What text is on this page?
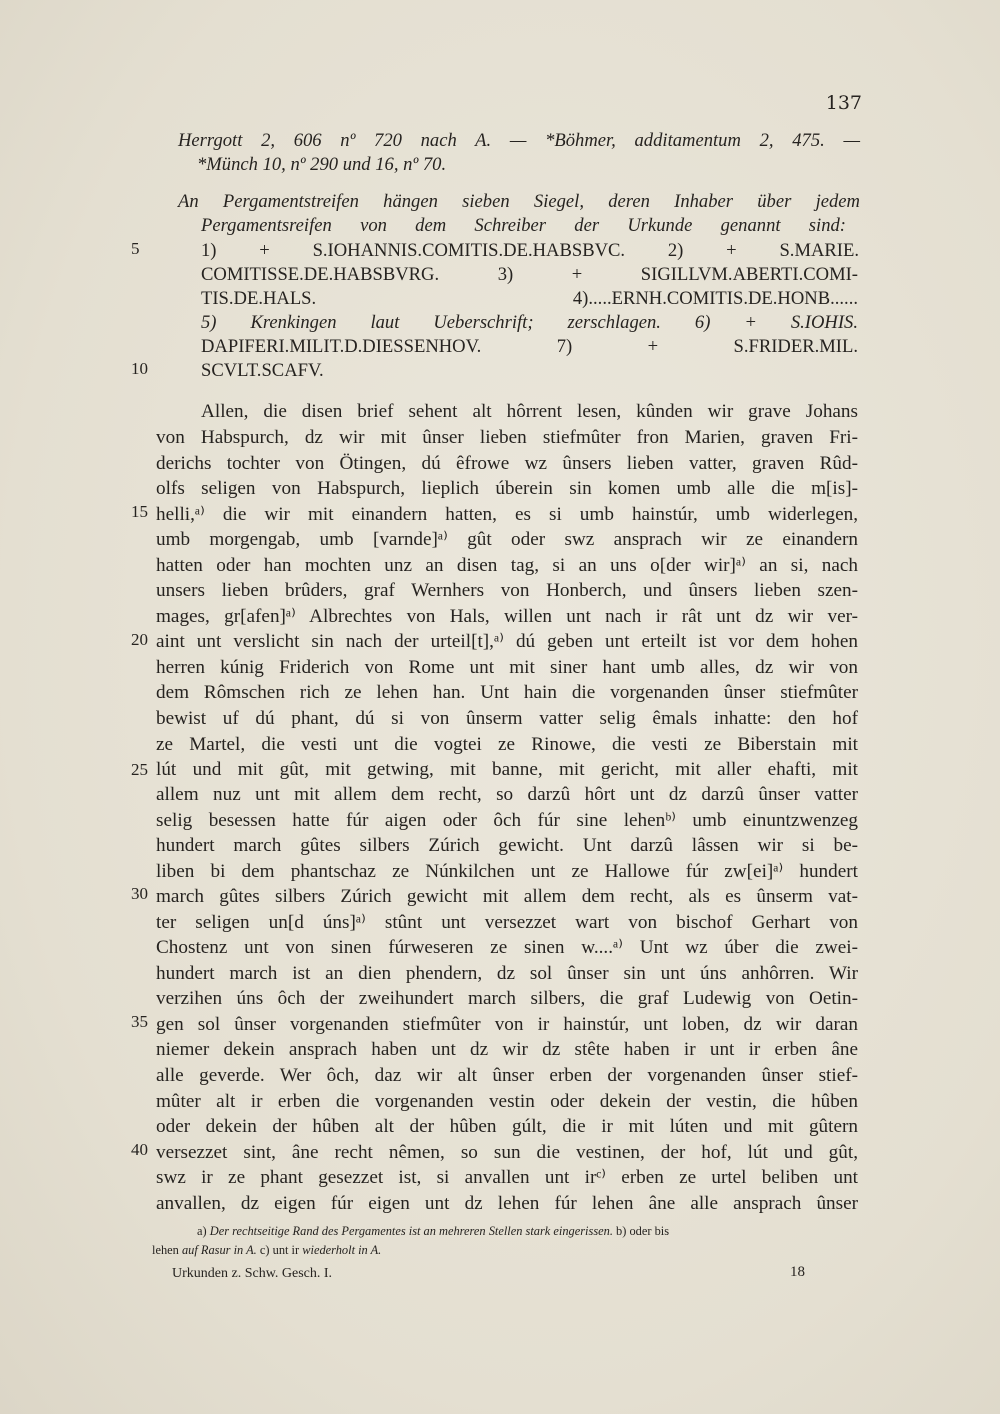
137
Herrgott 2, 606 nº 720 nach A. — *Böhmer, additamentum 2, 475. —
*Münch 10, nº 290 und 16, nº 70.
An Pergamentstreifen hängen sieben Siegel, deren Inhaber über jedem
Pergamentsreifen von dem Schreiber der Urkunde genannt sind:
1) + S.IOHANNIS.COMITIS.DE.HABSBVC. 2) + S.MARIE.
COMITISSE.DE.HABSBVRG. 3) + SIGILLVM.ABERTI.COMI-
TIS.DE.HALS. 4).....ERNH.COMITIS.DE.HONB......
5) Krenkingen laut Ueberschrift; zerschlagen. 6) + S.IOHIS.
DAPIFERI.MILIT.D.DIESSENHOV. 7) + S.FRIDER.MIL.
SCVLT.SCAFV.
5
10
15
20
25
30
35
40
Allen, die disen brief sehent alt hôrrent lesen, kûnden wir grave Johans
von Habspurch, dz wir mit ûnser lieben stiefmûter fron Marien, graven Fri-
derichs tochter von Ötingen, dú êfrowe wz ûnsers lieben vatter, graven Rûd-
olfs seligen von Habspurch, lieplich úberein sin komen umb alle die m[is]-
helli,ᵃ⁾ die wir mit einandern hatten, es si umb hainstúr, umb widerlegen,
umb morgengab, umb [varnde]ᵃ⁾ gût oder swz ansprach wir ze einandern
hatten oder han mochten unz an disen tag, si an uns o[der wir]ᵃ⁾ an si, nach
unsers lieben brûders, graf Wernhers von Honberch, und ûnsers lieben szen-
mages, gr[afen]ᵃ⁾ Albrechtes von Hals, willen unt nach ir rât unt dz wir ver-
aint unt verslicht sin nach der urteil[t],ᵃ⁾ dú geben unt erteilt ist vor dem hohen
herren kúnig Friderich von Rome unt mit siner hant umb alles, dz wir von
dem Rômschen rich ze lehen han. Unt hain die vorgenanden ûnser stiefmûter
bewist uf dú phant, dú si von ûnserm vatter selig êmals inhatte: den hof
ze Martel, die vesti unt die vogtei ze Rinowe, die vesti ze Biberstain mit
lút und mit gût, mit getwing, mit banne, mit gericht, mit aller ehafti, mit
allem nuz unt mit allem dem recht, so darzû hôrt unt dz darzû ûnser vatter
selig besessen hatte fúr aigen oder ôch fúr sine lehenᵇ⁾ umb einuntzwenzeg
hundert march gûtes silbers Zúrich gewicht. Unt darzû lâssen wir si be-
liben bi dem phantschaz ze Núnkilchen unt ze Hallowe fúr zw[ei]ᵃ⁾ hundert
march gûtes silbers Zúrich gewicht mit allem dem recht, als es ûnserm vat-
ter seligen un[d úns]ᵃ⁾ stûnt unt versezzet wart von bischof Gerhart von
Chostenz unt von sinen fúrweseren ze sinen w....ᵃ⁾ Unt wz úber die zwei-
hundert march ist an dien phendern, dz sol ûnser sin unt úns anhôrren. Wir
verzihen úns ôch der zweihundert march silbers, die graf Ludewig von Oetin-
gen sol ûnser vorgenanden stiefmûter von ir hainstúr, unt loben, dz wir daran
niemer dekein ansprach haben unt dz wir dz stête haben ir unt ir erben âne
alle geverde. Wer ôch, daz wir alt ûnser erben der vorgenanden ûnser stief-
mûter alt ir erben die vorgenanden vestin oder dekein der vestin, die hûben
oder dekein der hûben alt der hûben gúlt, die ir mit lúten und mit gûtern
versezzet sint, âne recht nêmen, so sun die vestinen, der hof, lút und gût,
swz ir ze phant gesezzet ist, si anvallen unt irᶜ⁾ erben ze urtel beliben unt
anvallen, dz eigen fúr eigen unt dz lehen fúr lehen âne alle ansprach ûnser
a) Der rechtseitige Rand des Pergamentes ist an mehreren Stellen stark eingerissen. b) oder bis
lehen auf Rasur in A. c) unt ir wiederholt in A.
Urkunden z. Schw. Gesch. I.	18
